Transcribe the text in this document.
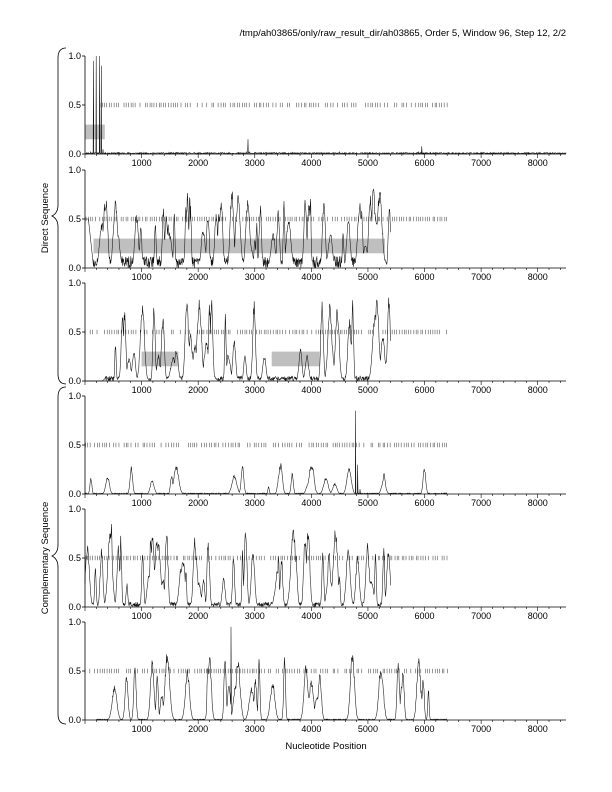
/tmp/ah03865/only/raw_result_dir/ah03865, Order 5, Window 96, Step 12, 2/2
0.0
0.5
1.0
1000	2000	3000	4000	5000	6000	7000	8000
0.0
0.5
1.0
1000	2000	3000	4000	5000	6000	7000	8000
0.0
0.5
1.0
1000	2000	3000	4000	5000	6000	7000	8000
0.0
0.5
1.0
1000	2000	3000	4000	5000	6000	7000	8000
0.0
0.5
1.0
1000	2000	3000	4000	5000	6000	7000	8000
0.0
0.5
1.0
1000	2000	3000	4000	5000	6000	7000	8000
Nucleotide Position
Direct Sequence
Complementary Sequence
